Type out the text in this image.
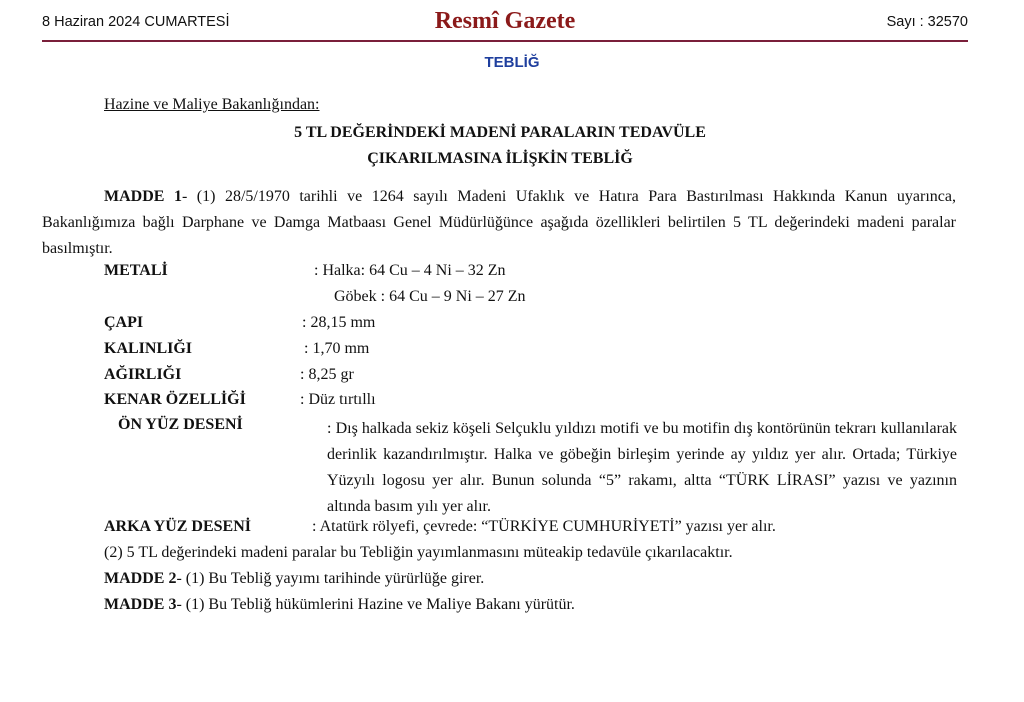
8 Haziran 2024 CUMARTESİ	Resmî Gazete	Sayı : 32570
TEBLİĞ
Hazine ve Maliye Bakanlığından:
5 TL DEĞERİNDEKİ MADENİ PARALARIN TEDAVÜLE
ÇIKARILMASINA İLİŞKİN TEBLİĞ
MADDE 1- (1) 28/5/1970 tarihli ve 1264 sayılı Madeni Ufaklık ve Hatıra Para Bastırılması Hakkında Kanun uyarınca, Bakanlığımıza bağlı Darphane ve Damga Matbaası Genel Müdürlüğünce aşağıda özellikleri belirtilen 5 TL değerindeki madeni paralar basılmıştır.
METALİ	: Halka: 64 Cu – 4 Ni – 32 Zn
Göbek : 64 Cu – 9 Ni – 27 Zn
ÇAPI	: 28,15 mm
KALINLIĞI	: 1,70 mm
AĞIRLIĞI	: 8,25 gr
KENAR ÖZELLİĞİ	: Düz tırtıllı
ÖN YÜZ DESENİ	: Dış halkada sekiz köşeli Selçuklu yıldızı motifi ve bu motifin dış kontörünün tekrarı kullanılarak derinlik kazandırılmıştır. Halka ve göbeğin birleşim yerinde ay yıldız yer alır. Ortada; Türkiye Yüzyılı logosu yer alır. Bunun solunda “5” rakamı, altta “TÜRK LİRASI” yazısı ve yazının altında basım yılı yer alır.
ARKA YÜZ DESENİ	: Atatürk rölyefi, çevrede: “TÜRKİYE CUMHURİYETİ” yazısı yer alır.
(2) 5 TL değerindeki madeni paralar bu Tebliğin yayımlanmasını müteakip tedavüle çıkarılacaktır.
MADDE 2- (1) Bu Tebliğ yayımı tarihinde yürürlüğe girer.
MADDE 3- (1) Bu Tebliğ hükümlerini Hazine ve Maliye Bakanı yürütür.
